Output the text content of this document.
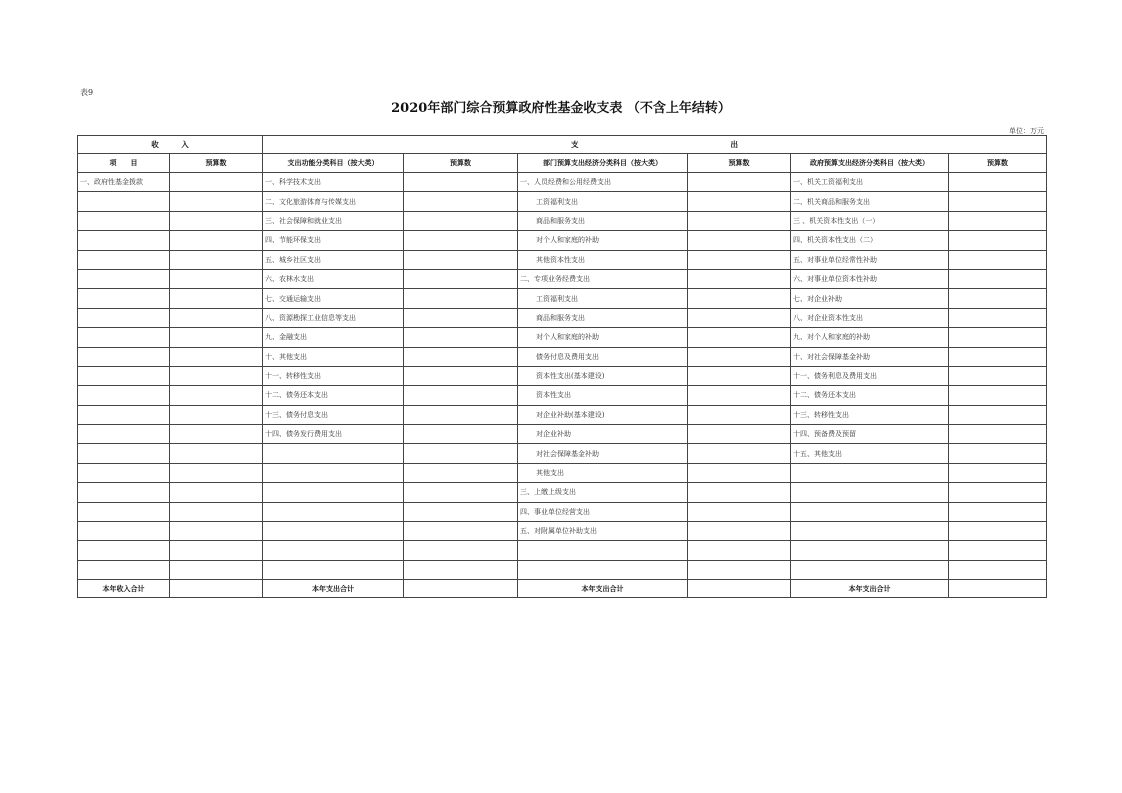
表9
2020年部门综合预算政府性基金收支表 （不含上年结转）
单位：万元
收 入		支 出					

项　　目	预算数	支出功能分类科目（按大类）	预算数	部门预算支出经济分类科目（按大类）	预算数	政府预算支出经济分类科目（按大类）	预算数
一、政府性基金拨款		一、科学技术支出		一、人员经费和公用经费支出		一、机关工资福利支出	
		二、文化旅游体育与传媒支出		工资福利支出		二、机关商品和服务支出	
		三、社会保障和就业支出		商品和服务支出		三 、机关资本性支出（一）	
		四、节能环保支出		对个人和家庭的补助		四、机关资本性支出（二）	
		五、城乡社区支出		其他资本性支出		五、对事业单位经常性补助	
		六、农林水支出		二、专项业务经费支出		六、对事业单位资本性补助	
		七、交通运输支出		工资福利支出		七、对企业补助	
		八、资源勘探工业信息等支出		商品和服务支出		八、对企业资本性支出	
		九、金融支出		对个人和家庭的补助		九、对个人和家庭的补助	
		十、其他支出		债务付息及费用支出		十、对社会保障基金补助	
		十一、转移性支出		资本性支出(基本建设)		十一、债务利息及费用支出	
		十二、债务还本支出		资本性支出		十二、债务还本支出	
		十三、债务付息支出		对企业补助(基本建设)		十三、转移性支出	
		十四、债务发行费用支出		对企业补助		十四、预备费及预留	
				对社会保障基金补助		十五、其他支出	
				其他支出			
				三、上缴上级支出			
				四、事业单位经营支出			
				五、对附属单位补助支出			

本年收入合计		本年支出合计		本年支出合计		本年支出合计	
